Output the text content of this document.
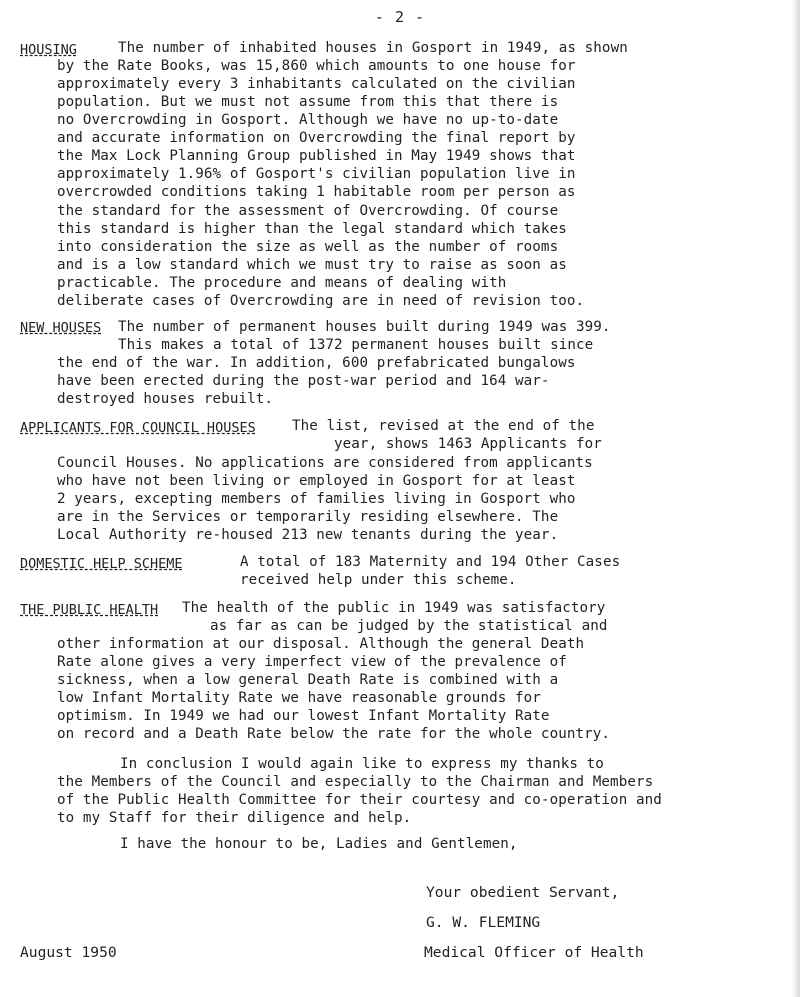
- 2 -
HOUSING	The number of inhabited houses in Gosport in 1949, as shown
by the Rate Books, was 15,860 which amounts to one house for
approximately every 3 inhabitants calculated on the civilian
population. But we must not assume from this that there is
no Overcrowding in Gosport. Although we have no up-to-date
and accurate information on Overcrowding the final report by
the Max Lock Planning Group published in May 1949 shows that
approximately 1.96% of Gosport's civilian population live in
overcrowded conditions taking 1 habitable room per person as
the standard for the assessment of Overcrowding. Of course
this standard is higher than the legal standard which takes
into consideration the size as well as the number of rooms
and is a low standard which we must try to raise as soon as
practicable. The procedure and means of dealing with
deliberate cases of Overcrowding are in need of revision too.
NEW HOUSES The number of permanent houses built during 1949 was 399.
This makes a total of 1372 permanent houses built since
the end of the war. In addition, 600 prefabricated bungalows
have been erected during the post-war period and 164 war-
destroyed houses rebuilt.
APPLICANTS FOR COUNCIL HOUSES	The list, revised at the end of the
year, shows 1463 Applicants for
Council Houses. No applications are considered from applicants
who have not been living or employed in Gosport for at least
2 years, excepting members of families living in Gosport who
are in the Services or temporarily residing elsewhere. The
Local Authority re-housed 213 new tenants during the year.
DOMESTIC HELP SCHEME	A total of 183 Maternity and 194 Other Cases
received help under this scheme.
THE PUBLIC HEALTH The health of the public in 1949 was satisfactory
as far as can be judged by the statistical and
other information at our disposal. Although the general Death
Rate alone gives a very imperfect view of the prevalence of
sickness, when a low general Death Rate is combined with a
low Infant Mortality Rate we have reasonable grounds for
optimism. In 1949 we had our lowest Infant Mortality Rate
on record and a Death Rate below the rate for the whole country.
In conclusion I would again like to express my thanks to
the Members of the Council and especially to the Chairman and Members
of the Public Health Committee for their courtesy and co-operation and
to my Staff for their diligence and help.
I have the honour to be, Ladies and Gentlemen,
Your obedient Servant,
G. W. FLEMING
Medical Officer of Health
August 1950
